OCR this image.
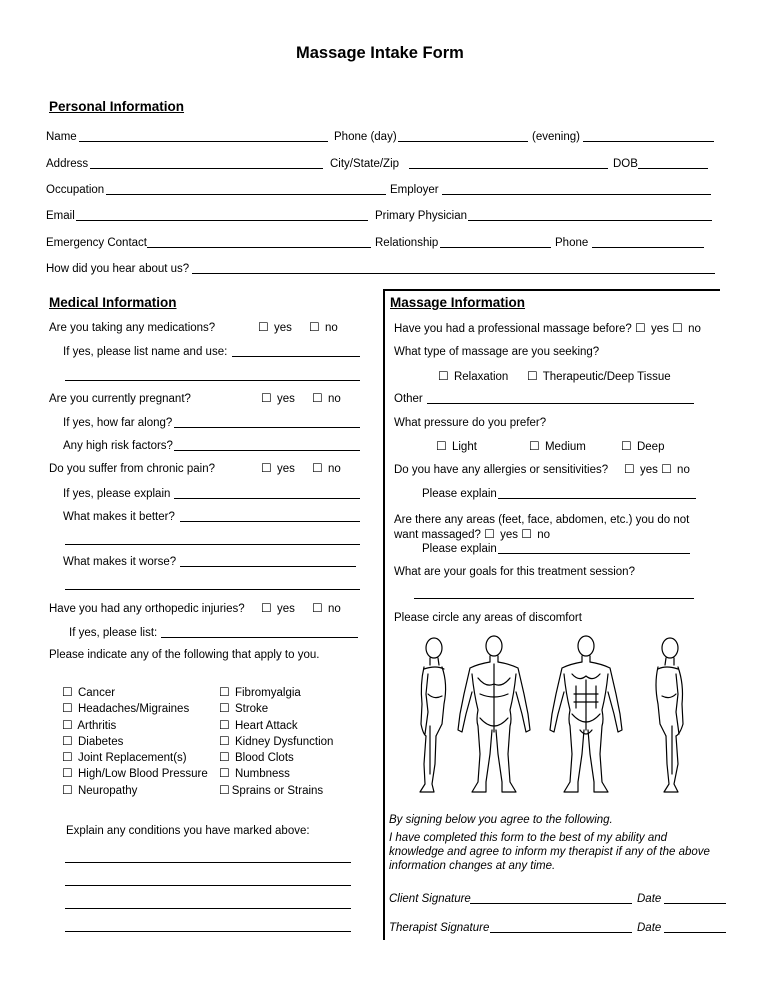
Massage Intake Form
Personal Information
Name	Phone (day)	(evening)
Address	City/State/Zip	DOB
Occupation	Employer
Email	Primary Physician
Emergency Contact	Relationship	Phone
How did you hear about us?
Medical Information
Are you taking any medications?	☐ yes ☐ no
If yes, please list name and use:
Are you currently pregnant?	☐ yes ☐ no
If yes, how far along?
Any high risk factors?
Do you suffer from chronic pain?	☐ yes ☐ no
If yes, please explain
What makes it better?
What makes it worse?
Have you had any orthopedic injuries? ☐ yes ☐ no
If yes, please list:
Please indicate any of the following that apply to you.
☐ Cancer
☐ Headaches/Migraines
☐ Arthritis
☐ Diabetes
☐ Joint Replacement(s)
☐ High/Low Blood Pressure
☐ Neuropathy
☐ Fibromyalgia
☐ Stroke
☐ Heart Attack
☐ Kidney Dysfunction
☐ Blood Clots
☐ Numbness
☐ Sprains or Strains
Explain any conditions you have marked above:
Massage Information
Have you had a professional massage before? ☐ yes ☐ no
What type of massage are you seeking?
☐ Relaxation ☐ Therapeutic/Deep Tissue
Other
What pressure do you prefer?
☐ Light	☐ Medium	☐ Deep
Do you have any allergies or sensitivities? ☐ yes ☐ no
Please explain
Are there any areas (feet, face, abdomen, etc.) you do not
want massaged? ☐ yes ☐ no
Please explain
What are your goals for this treatment session?
Please circle any areas of discomfort
By signing below you agree to the following.
I have completed this form to the best of my ability and
knowledge and agree to inform my therapist if any of the above
information changes at any time.
Client Signature	Date
Therapist Signature	Date
